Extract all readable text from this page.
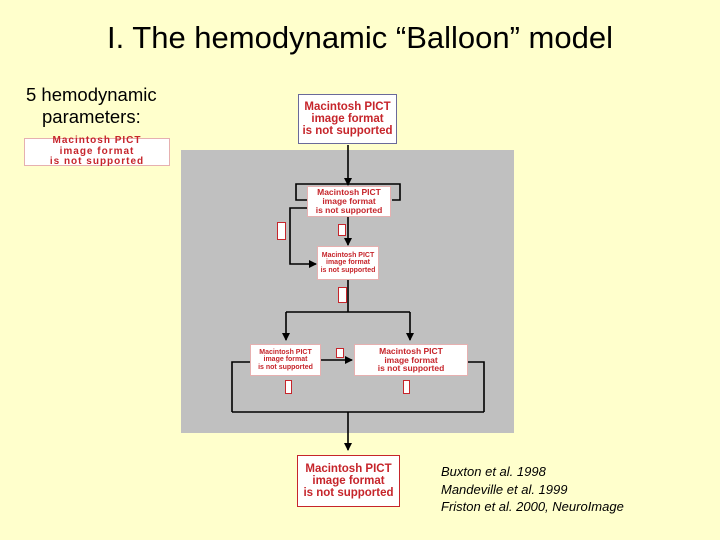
I. The hemodynamic “Balloon” model
5 hemodynamic
parameters:
Macintosh PICT
image format
is not supported
Macintosh PICT
image format
is not supported
Macintosh PICT
image format
is not supported
Macintosh PICT
image format
is not supported
Macintosh PICT
image format
is not supported
Macintosh PICT
image format
is not supported
Macintosh PICT
image format
is not supported
Buxton et al. 1998
Mandeville et al. 1999
Friston et al. 2000, NeuroImage
